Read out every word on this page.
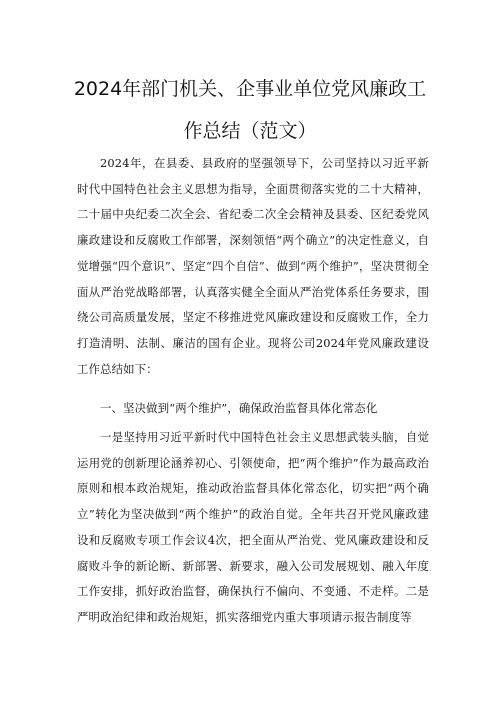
2024年部门机关、企事业单位党风廉政工
作总结（范文）

2024年，在县委、县政府的坚强领导下，公司坚持以习近平新时代中国特色社会主义思想为指导，全面贯彻落实党的二十大精神，二十届中央纪委二次全会、省纪委二次全会精神及县委、区纪委党风廉政建设和反腐败工作部署，深刻领悟“两个确立”的决定性意义，自觉增强“四个意识”、坚定“四个自信”、做到“两个维护”，坚决贯彻全面从严治党战略部署，认真落实健全全面从严治党体系任务要求，围绕公司高质量发展，坚定不移推进党风廉政建设和反腐败工作，全力打造清明、法制、廉洁的国有企业。现将公司2024年党风廉政建设工作总结如下：

一、坚决做到“两个维护”，确保政治监督具体化常态化

一是坚持用习近平新时代中国特色社会主义思想武装头脑，自觉运用党的创新理论涵养初心、引领使命，把“两个维护”作为最高政治原则和根本政治规矩，推动政治监督具体化常态化，切实把“两个确立”转化为坚决做到“两个维护”的政治自觉。全年共召开党风廉政建设和反腐败专项工作会议4次，把全面从严治党、党风廉政建设和反腐败斗争的新论断、新部署、新要求，融入公司发展规划、融入年度工作安排，抓好政治监督，确保执行不偏向、不变通、不走样。二是严明政治纪律和政治规矩，抓实落细党内重大事项请示报告制度等
